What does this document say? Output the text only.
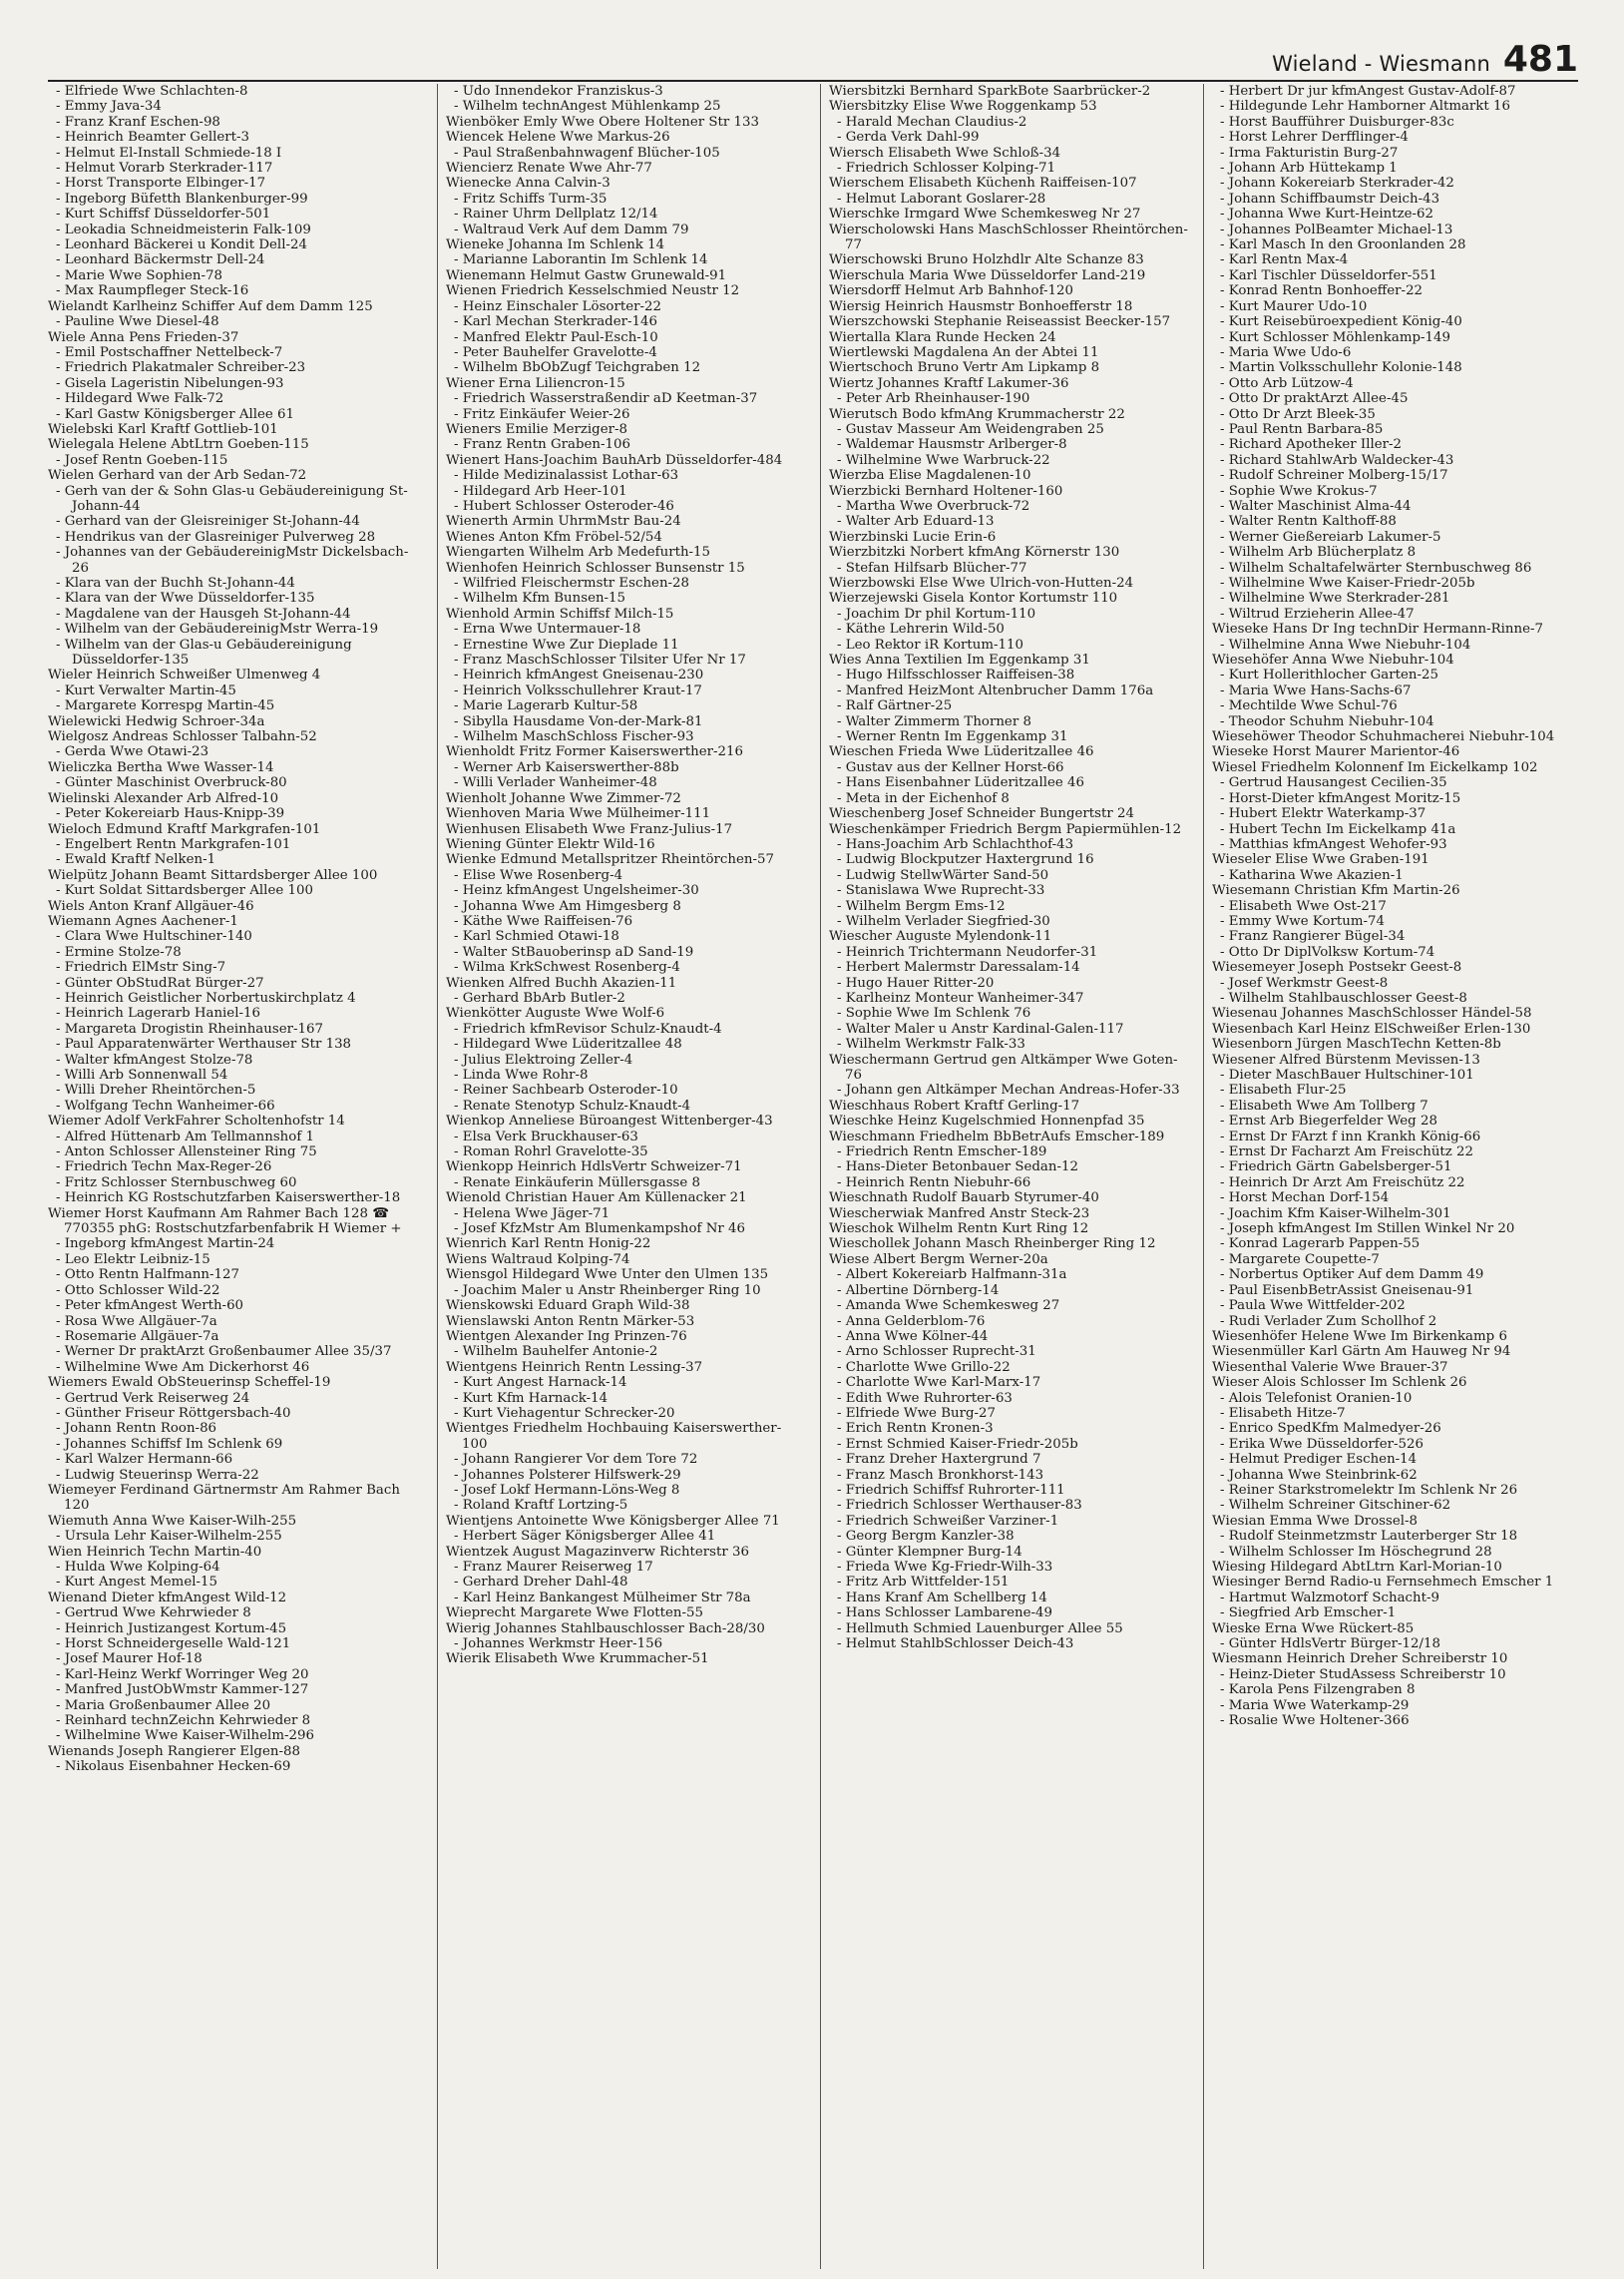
Wieland - Wiesmann 481
- Elfriede Wwe Schlachten-8
- Emmy Java-34
- Franz Kranf Eschen-98
- Heinrich Beamter Gellert-3
- Helmut El-Install Schmiede-18 I
- Helmut Vorarb Sterkrader-117
- Horst Transporte Elbinger-17
- Ingeborg Büfetth Blankenburger-99
- Kurt Schiffsf Düsseldorfer-501
- Leokadia Schneidmeisterin Falk-109
- Leonhard Bäckerei u Kondit Dell-24
- Leonhard Bäckermstr Dell-24
- Marie Wwe Sophien-78
- Max Raumpfleger Steck-16
Wielandt Karlheinz Schiffer Auf dem Damm 125
- Pauline Wwe Diesel-48
Wiele Anna Pens Frieden-37
- Emil Postschaffner Nettelbeck-7
- Friedrich Plakatmaler Schreiber-23
- Gisela Lageristin Nibelungen-93
- Hildegard Wwe Falk-72
- Karl Gastw Königsberger Allee 61
Wielebski Karl Kraftf Gottlieb-101
Wielegala Helene AbtLtrn Goeben-115
- Josef Rentn Goeben-115
Wielen Gerhard van der Arb Sedan-72
- Gerh van der & Sohn Glas-u Gebäudereinigung St-Johann-44
- Gerhard van der Gleisreiniger St-Johann-44
- Hendrikus van der Glasreiniger Pulverweg 28
- Johannes van der GebäudereinigMstr Dickelsbach-26
- Klara van der Buchh St-Johann-44
- Klara van der Wwe Düsseldorfer-135
- Magdalene van der Hausgeh St-Johann-44
- Wilhelm van der GebäudereinigMstr Werra-19
- Wilhelm van der Glas-u Gebäudereinigung Düsseldorfer-135
Wieler Heinrich Schweißer Ulmenweg 4
- Kurt Verwalter Martin-45
- Margarete Korrespg Martin-45
Wielewicki Hedwig Schroer-34a
Wielgosz Andreas Schlosser Talbahn-52
- Gerda Wwe Otawi-23
Wieliczka Bertha Wwe Wasser-14
- Günter Maschinist Overbruck-80
Wielinski Alexander Arb Alfred-10
- Peter Kokereiarb Haus-Knipp-39
Wieloch Edmund Kraftf Markgrafen-101
- Engelbert Rentn Markgrafen-101
- Ewald Kraftf Nelken-1
Wielpütz Johann Beamt Sittardsberger Allee 100
- Kurt Soldat Sittardsberger Allee 100
Wiels Anton Kranf Allgäuer-46
Wiemann Agnes Aachener-1
- Clara Wwe Hultschiner-140
- Ermine Stolze-78
- Friedrich ElMstr Sing-7
- Günter ObStudRat Bürger-27
- Heinrich Geistlicher Norbertuskirchplatz 4
- Heinrich Lagerarb Haniel-16
- Margareta Drogistin Rheinhauser-167
- Paul Apparatenwärter Werthauser Str 138
- Walter kfmAngest Stolze-78
- Willi Arb Sonnenwall 54
- Willi Dreher Rheintörchen-5
- Wolfgang Techn Wanheimer-66
Wiemer Adolf VerkFahrer Scholtenhofstr 14
- Alfred Hüttenarb Am Tellmannshof 1
- Anton Schlosser Allensteiner Ring 75
- Friedrich Techn Max-Reger-26
- Fritz Schlosser Sternbuschweg 60
- Heinrich KG Rostschutzfarben Kaiserswerther-18
Wiemer Horst Kaufmann Am Rahmer Bach 128 ☎ 770355 phG: Rostschutzfarbenfabrik H Wiemer +
- Ingeborg kfmAngest Martin-24
- Leo Elektr Leibniz-15
- Otto Rentn Halfmann-127
- Otto Schlosser Wild-22
- Peter kfmAngest Werth-60
- Rosa Wwe Allgäuer-7a
- Rosemarie Allgäuer-7a
- Werner Dr praktArzt Großenbaumer Allee 35/37
- Wilhelmine Wwe Am Dickerhorst 46
Wiemers Ewald ObSteuerinsp Scheffel-19
- Gertrud Verk Reiserweg 24
- Günther Friseur Röttgersbach-40
- Johann Rentn Roon-86
- Johannes Schiffsf Im Schlenk 69
- Karl Walzer Hermann-66
- Ludwig Steuerinsp Werra-22
Wiemeyer Ferdinand Gärtnermstr Am Rahmer Bach 120
Wiemuth Anna Wwe Kaiser-Wilh-255
- Ursula Lehr Kaiser-Wilhelm-255
Wien Heinrich Techn Martin-40
- Hulda Wwe Kolping-64
- Kurt Angest Memel-15
Wienand Dieter kfmAngest Wild-12
- Gertrud Wwe Kehrwieder 8
- Heinrich Justizangest Kortum-45
- Horst Schneidergeselle Wald-121
- Josef Maurer Hof-18
- Karl-Heinz Werkf Worringer Weg 20
- Manfred JustObWmstr Kammer-127
- Maria Großenbaumer Allee 20
- Reinhard technZeichn Kehrwieder 8
- Wilhelmine Wwe Kaiser-Wilhelm-296
Wienands Joseph Rangierer Elgen-88
- Nikolaus Eisenbahner Hecken-69
- Udo Innendekor Franziskus-3
- Wilhelm technAngest Mühlenkamp 25
Wienböker Emly Wwe Obere Holtener Str 133
Wiencek Helene Wwe Markus-26
- Paul Straßenbahnwagenf Blücher-105
Wiencierz Renate Wwe Ahr-77
Wienecke Anna Calvin-3
- Fritz Schiffs Turm-35
- Rainer Uhrm Dellplatz 12/14
- Waltraud Verk Auf dem Damm 79
Wieneke Johanna Im Schlenk 14
- Marianne Laborantin Im Schlenk 14
Wienemann Helmut Gastw Grunewald-91
Wienen Friedrich Kesselschmied Neustr 12
- Heinz Einschaler Lösorter-22
- Karl Mechan Sterkrader-146
- Manfred Elektr Paul-Esch-10
- Peter Bauhelfer Gravelotte-4
- Wilhelm BbObZugf Teichgraben 12
Wiener Erna Liliencron-15
- Friedrich Wasserstraßendir aD Keetman-37
- Fritz Einkäufer Weier-26
Wieners Emilie Merziger-8
- Franz Rentn Graben-106
Wienert Hans-Joachim BauhArb Düsseldorfer-484
- Hilde Medizinalassist Lothar-63
- Hildegard Arb Heer-101
- Hubert Schlosser Osteroder-46
Wienerth Armin UhrmMstr Bau-24
Wienes Anton Kfm Fröbel-52/54
Wiengarten Wilhelm Arb Medefurth-15
Wienhofen Heinrich Schlosser Bunsenstr 15
- Wilfried Fleischermstr Eschen-28
- Wilhelm Kfm Bunsen-15
Wienhold Armin Schiffsf Milch-15
- Erna Wwe Untermauer-18
- Ernestine Wwe Zur Dieplade 11
- Franz MaschSchlosser Tilsiter Ufer Nr 17
- Heinrich kfmAngest Gneisenau-230
- Heinrich Volksschullehrer Kraut-17
- Marie Lagerarb Kultur-58
- Sibylla Hausdame Von-der-Mark-81
- Wilhelm MaschSchloss Fischer-93
Wienholdt Fritz Former Kaiserswerther-216
- Werner Arb Kaiserswerther-88b
- Willi Verlader Wanheimer-48
Wienholt Johanne Wwe Zimmer-72
Wienhoven Maria Wwe Mülheimer-111
Wienhusen Elisabeth Wwe Franz-Julius-17
Wiening Günter Elektr Wild-16
Wienke Edmund Metallspritzer Rheintörchen-57
- Elise Wwe Rosenberg-4
- Heinz kfmAngest Ungelsheimer-30
- Johanna Wwe Am Himgesberg 8
- Käthe Wwe Raiffeisen-76
- Karl Schmied Otawi-18
- Walter StBauoberinsp aD Sand-19
- Wilma KrkSchwest Rosenberg-4
Wienken Alfred Buchh Akazien-11
- Gerhard BbArb Butler-2
Wienkötter Auguste Wwe Wolf-6
- Friedrich kfmRevisor Schulz-Knaudt-4
- Hildegard Wwe Lüderitzallee 48
- Julius Elektroing Zeller-4
- Linda Wwe Rohr-8
- Reiner Sachbearb Osteroder-10
- Renate Stenotyp Schulz-Knaudt-4
Wienkop Anneliese Büroangest Wittenberger-43
- Elsa Verk Bruckhauser-63
- Roman Rohrl Gravelotte-35
Wienkopp Heinrich HdlsVertr Schweizer-71
- Renate Einkäuferin Müllersgasse 8
Wienold Christian Hauer Am Küllenacker 21
- Helena Wwe Jäger-71
- Josef KfzMstr Am Blumenkampshof Nr 46
Wienrich Karl Rentn Honig-22
Wiens Waltraud Kolping-74
Wiensgol Hildegard Wwe Unter den Ulmen 135
- Joachim Maler u Anstr Rheinberger Ring 10
Wienskowski Eduard Graph Wild-38
Wienslawski Anton Rentn Märker-53
Wientgen Alexander Ing Prinzen-76
- Wilhelm Bauhelfer Antonie-2
Wientgens Heinrich Rentn Lessing-37
- Kurt Angest Harnack-14
- Kurt Kfm Harnack-14
- Kurt Viehagentur Schrecker-20
Wientges Friedhelm Hochbauing Kaiserswerther-100
- Johann Rangierer Vor dem Tore 72
- Johannes Polsterer Hilfswerk-29
- Josef Lokf Hermann-Löns-Weg 8
- Roland Kraftf Lortzing-5
Wientjens Antoinette Wwe Königsberger Allee 71
- Herbert Säger Königsberger Allee 41
Wientzek August Magazinverw Richterstr 36
- Franz Maurer Reiserweg 17
- Gerhard Dreher Dahl-48
- Karl Heinz Bankangest Mülheimer Str 78a
Wieprecht Margarete Wwe Flotten-55
Wierig Johannes Stahlbauschlosser Bach-28/30
- Johannes Werkmstr Heer-156
Wierik Elisabeth Wwe Krummacher-51
Wiersbitzki Bernhard SparkBote Saarbrücker-2
Wiersbitzky Elise Wwe Roggenkamp 53
- Harald Mechan Claudius-2
- Gerda Verk Dahl-99
Wiersch Elisabeth Wwe Schloß-34
- Friedrich Schlosser Kolping-71
Wierschem Elisabeth Küchenh Raiffeisen-107
- Helmut Laborant Goslarer-28
Wierschke Irmgard Wwe Schemkesweg Nr 27
Wierscholowski Hans MaschSchlosser Rheintörchen-77
Wierschowski Bruno Holzhdlr Alte Schanze 83
Wierschula Maria Wwe Düsseldorfer Land-219
Wiersdorff Helmut Arb Bahnhof-120
Wiersig Heinrich Hausmstr Bonhoefferstr 18
Wierszchowski Stephanie Reiseassist Beecker-157
Wiertalla Klara Runde Hecken 24
Wiertlewski Magdalena An der Abtei 11
Wiertschoch Bruno Vertr Am Lipkamp 8
Wiertz Johannes Kraftf Lakumer-36
- Peter Arb Rheinhauser-190
Wierutsch Bodo kfmAng Krummacherstr 22
- Gustav Masseur Am Weidengraben 25
- Waldemar Hausmstr Arlberger-8
- Wilhelmine Wwe Warbruck-22
Wierzba Elise Magdalenen-10
Wierzbicki Bernhard Holtener-160
- Martha Wwe Overbruck-72
- Walter Arb Eduard-13
Wierzbinski Lucie Erin-6
Wierzbitzki Norbert kfmAng Körnerstr 130
- Stefan Hilfsarb Blücher-77
Wierzbowski Else Wwe Ulrich-von-Hutten-24
Wierzejewski Gisela Kontor Kortumstr 110
- Joachim Dr phil Kortum-110
- Käthe Lehrerin Wild-50
- Leo Rektor iR Kortum-110
Wies Anna Textilien Im Eggenkamp 31
- Hugo Hilfsschlosser Raiffeisen-38
- Manfred HeizMont Altenbrucher Damm 176a
- Ralf Gärtner-25
- Walter Zimmerm Thorner 8
- Werner Rentn Im Eggenkamp 31
Wieschen Frieda Wwe Lüderitzallee 46
- Gustav aus der Kellner Horst-66
- Hans Eisenbahner Lüderitzallee 46
- Meta in der Eichenhof 8
Wieschenberg Josef Schneider Bungertstr 24
Wieschenkämper Friedrich Bergm Papiermühlen-12
- Hans-Joachim Arb Schlachthof-43
- Ludwig Blockputzer Haxtergrund 16
- Ludwig StellwWärter Sand-50
- Stanislawa Wwe Ruprecht-33
- Wilhelm Bergm Ems-12
- Wilhelm Verlader Siegfried-30
Wiescher Auguste Mylendonk-11
- Heinrich Trichtermann Neudorfer-31
- Herbert Malermstr Daressalam-14
- Hugo Hauer Ritter-20
- Karlheinz Monteur Wanheimer-347
- Sophie Wwe Im Schlenk 76
- Walter Maler u Anstr Kardinal-Galen-117
- Wilhelm Werkmstr Falk-33
Wieschermann Gertrud gen Altkämper Wwe Goten-76
- Johann gen Altkämper Mechan Andreas-Hofer-33
Wieschhaus Robert Kraftf Gerling-17
Wieschke Heinz Kugelschmied Honnenpfad 35
Wieschmann Friedhelm BbBetrAufs Emscher-189
- Friedrich Rentn Emscher-189
- Hans-Dieter Betonbauer Sedan-12
- Heinrich Rentn Niebuhr-66
Wieschnath Rudolf Bauarb Styrumer-40
Wiescherwiak Manfred Anstr Steck-23
Wieschok Wilhelm Rentn Kurt Ring 12
Wieschollek Johann Masch Rheinberger Ring 12
Wiese Albert Bergm Werner-20a
- Albert Kokereiarb Halfmann-31a
- Albertine Dörnberg-14
- Amanda Wwe Schemkesweg 27
- Anna Gelderblom-76
- Anna Wwe Kölner-44
- Arno Schlosser Ruprecht-31
- Charlotte Wwe Grillo-22
- Charlotte Wwe Karl-Marx-17
- Edith Wwe Ruhrorter-63
- Elfriede Wwe Burg-27
- Erich Rentn Kronen-3
- Ernst Schmied Kaiser-Friedr-205b
- Franz Dreher Haxtergrund 7
- Franz Masch Bronkhorst-143
- Friedrich Schiffsf Ruhrorter-111
- Friedrich Schlosser Werthauser-83
- Friedrich Schweißer Varziner-1
- Georg Bergm Kanzler-38
- Günter Klempner Burg-14
- Frieda Wwe Kg-Friedr-Wilh-33
- Fritz Arb Wittfelder-151
- Hans Kranf Am Schellberg 14
- Hans Schlosser Lambarene-49
- Hellmuth Schmied Lauenburger Allee 55
- Helmut StahlbSchlosser Deich-43
- Herbert Dr jur kfmAngest Gustav-Adolf-87
- Hildegunde Lehr Hamborner Altmarkt 16
- Horst Baufführer Duisburger-83c
- Horst Lehrer Derfflinger-4
- Irma Fakturistin Burg-27
- Johann Arb Hüttekamp 1
- Johann Kokereiarb Sterkrader-42
- Johann Schiffbaumstr Deich-43
- Johanna Wwe Kurt-Heintze-62
- Johannes PolBeamter Michael-13
- Karl Masch In den Groonlanden 28
- Karl Rentn Max-4
- Karl Tischler Düsseldorfer-551
- Konrad Rentn Bonhoeffer-22
- Kurt Maurer Udo-10
- Kurt Reisebüroexpedient König-40
- Kurt Schlosser Möhlenkamp-149
- Maria Wwe Udo-6
- Martin Volksschullehr Kolonie-148
- Otto Arb Lützow-4
- Otto Dr praktArzt Allee-45
- Otto Dr Arzt Bleek-35
- Paul Rentn Barbara-85
- Richard Apotheker Iller-2
- Richard StahlwArb Waldecker-43
- Rudolf Schreiner Molberg-15/17
- Sophie Wwe Krokus-7
- Walter Maschinist Alma-44
- Walter Rentn Kalthoff-88
- Werner Gießereiarb Lakumer-5
- Wilhelm Arb Blücherplatz 8
- Wilhelm Schaltafelwärter Sternbuschweg 86
- Wilhelmine Wwe Kaiser-Friedr-205b
- Wilhelmine Wwe Sterkrader-281
- Wiltrud Erzieherin Allee-47
Wieseke Hans Dr Ing technDir Hermann-Rinne-7
- Wilhelmine Anna Wwe Niebuhr-104
Wiesehöfer Anna Wwe Niebuhr-104
- Kurt Hollerithlocher Garten-25
- Maria Wwe Hans-Sachs-67
- Mechtilde Wwe Schul-76
- Theodor Schuhm Niebuhr-104
Wiesehöwer Theodor Schuhmacherei Niebuhr-104
Wieseke Horst Maurer Marientor-46
Wiesel Friedhelm Kolonnenf Im Eickelkamp 102
- Gertrud Hausangest Cecilien-35
- Horst-Dieter kfmAngest Moritz-15
- Hubert Elektr Waterkamp-37
- Hubert Techn Im Eickelkamp 41a
- Matthias kfmAngest Wehofer-93
Wieseler Elise Wwe Graben-191
- Katharina Wwe Akazien-1
Wiesemann Christian Kfm Martin-26
- Elisabeth Wwe Ost-217
- Emmy Wwe Kortum-74
- Franz Rangierer Bügel-34
- Otto Dr DiplVolksw Kortum-74
Wiesemeyer Joseph Postsekr Geest-8
- Josef Werkmstr Geest-8
- Wilhelm Stahlbauschlosser Geest-8
Wiesenau Johannes MaschSchlosser Händel-58
Wiesenbach Karl Heinz ElSchweißer Erlen-130
Wiesenborn Jürgen MaschTechn Ketten-8b
Wiesener Alfred Bürstenm Mevissen-13
- Dieter MaschBauer Hultschiner-101
- Elisabeth Flur-25
- Elisabeth Wwe Am Tollberg 7
- Ernst Arb Biegerfelder Weg 28
- Ernst Dr FArzt f inn Krankh König-66
- Ernst Dr Facharzt Am Freischütz 22
- Friedrich Gärtn Gabelsberger-51
- Heinrich Dr Arzt Am Freischütz 22
- Horst Mechan Dorf-154
- Joachim Kfm Kaiser-Wilhelm-301
- Joseph kfmAngest Im Stillen Winkel Nr 20
- Konrad Lagerarb Pappen-55
- Margarete Coupette-7
- Norbertus Optiker Auf dem Damm 49
- Paul EisenbBetrAssist Gneisenau-91
- Paula Wwe Wittfelder-202
- Rudi Verlader Zum Schollhof 2
Wiesenhöfer Helene Wwe Im Birkenkamp 6
Wiesenmüller Karl Gärtn Am Hauweg Nr 94
Wiesenthal Valerie Wwe Brauer-37
Wieser Alois Schlosser Im Schlenk 26
- Alois Telefonist Oranien-10
- Elisabeth Hitze-7
- Enrico SpedKfm Malmedyer-26
- Erika Wwe Düsseldorfer-526
- Helmut Prediger Eschen-14
- Johanna Wwe Steinbrink-62
- Reiner Starkstromelektr Im Schlenk Nr 26
- Wilhelm Schreiner Gitschiner-62
Wiesian Emma Wwe Drossel-8
- Rudolf Steinmetzmstr Lauterberger Str 18
- Wilhelm Schlosser Im Höschegrund 28
Wiesing Hildegard AbtLtrn Karl-Morian-10
Wiesinger Bernd Radio-u Fernsehmech Emscher 1
- Hartmut Walzmotorf Schacht-9
- Siegfried Arb Emscher-1
Wieske Erna Wwe Rückert-85
- Günter HdlsVertr Bürger-12/18
Wiesmann Heinrich Dreher Schreiberstr 10
- Heinz-Dieter StudAssess Schreiberstr 10
- Karola Pens Filzengraben 8
- Maria Wwe Waterkamp-29
- Rosalie Wwe Holtener-366
